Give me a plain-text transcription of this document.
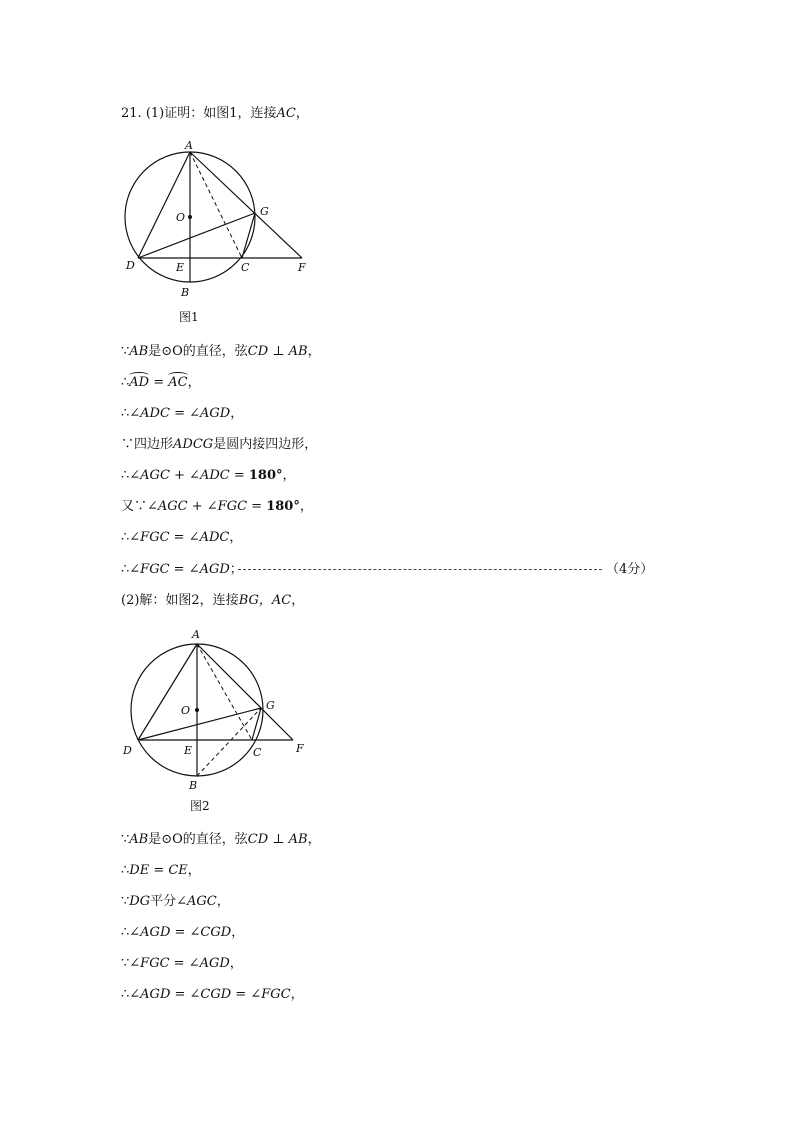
21. (1)证明：如图1，连接AC，
A
O	G
D	E	C	F
B
图1
∵AB是⊙O的直径，弦CD ⊥ AB，
∴AD = AC，
∴∠ADC = ∠AGD，
∵四边形ADCG是圆内接四边形，
∴∠AGC + ∠ADC = 180°，
又∵∠AGC + ∠FGC = 180°，
∴∠FGC = ∠ADC，
∴∠FGC = ∠AGD；	（4分）
(2)解：如图2，连接BG，AC，
A
O	G
D	E	C	F
B
图2
∵AB是⊙O的直径，弦CD ⊥ AB，
∴DE = CE，
∵DG平分∠AGC，
∴∠AGD = ∠CGD，
∵∠FGC = ∠AGD，
∴∠AGD = ∠CGD = ∠FGC，
